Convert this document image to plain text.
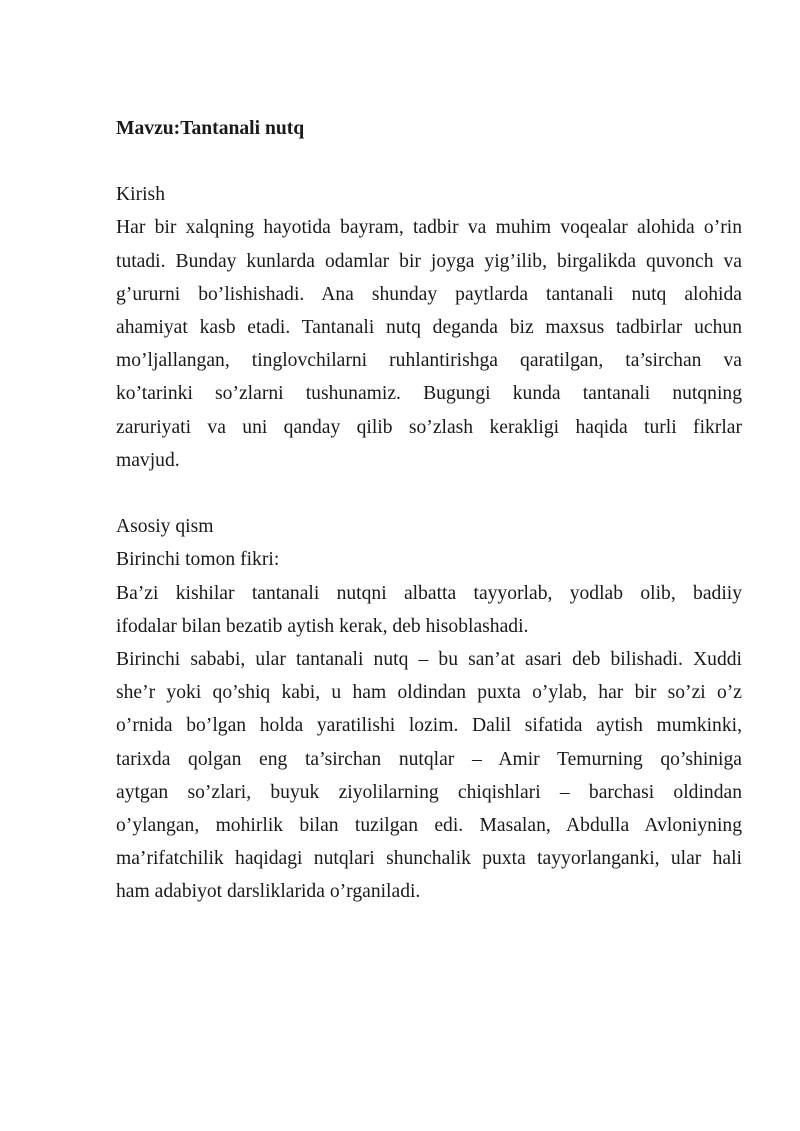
Mavzu:Tantanali nutq

Kirish

Har bir xalqning hayotida bayram, tadbir va muhim voqealar alohida o’rin
tutadi. Bunday kunlarda odamlar bir joyga yig’ilib, birgalikda quvonch va
g’ururni bo’lishishadi. Ana shunday paytlarda tantanali nutq alohida
ahamiyat kasb etadi. Tantanali nutq deganda biz maxsus tadbirlar uchun
mo’ljallangan, tinglovchilarni ruhlantirishga qaratilgan, ta’sirchan va
ko’tarinki so’zlarni tushunamiz. Bugungi kunda tantanali nutqning
zaruriyati va uni qanday qilib so’zlash kerakligi haqida turli fikrlar
mavjud.

Asosiy qism

Birinchi tomon fikri:

Ba’zi kishilar tantanali nutqni albatta tayyorlab, yodlab olib, badiiy
ifodalar bilan bezatib aytish kerak, deb hisoblashadi.

Birinchi sababi, ular tantanali nutq – bu san’at asari deb bilishadi. Xuddi
she’r yoki qo’shiq kabi, u ham oldindan puxta o’ylab, har bir so’zi o’z
o’rnida bo’lgan holda yaratilishi lozim. Dalil sifatida aytish mumkinki,
tarixda qolgan eng ta’sirchan nutqlar – Amir Temurning qo’shiniga
aytgan so’zlari, buyuk ziyolilarning chiqishlari – barchasi oldindan
o’ylangan, mohirlik bilan tuzilgan edi. Masalan, Abdulla Avloniyning
ma’rifatchilik haqidagi nutqlari shunchalik puxta tayyorlanganki, ular hali
ham adabiyot darsliklarida o’rganiladi.
